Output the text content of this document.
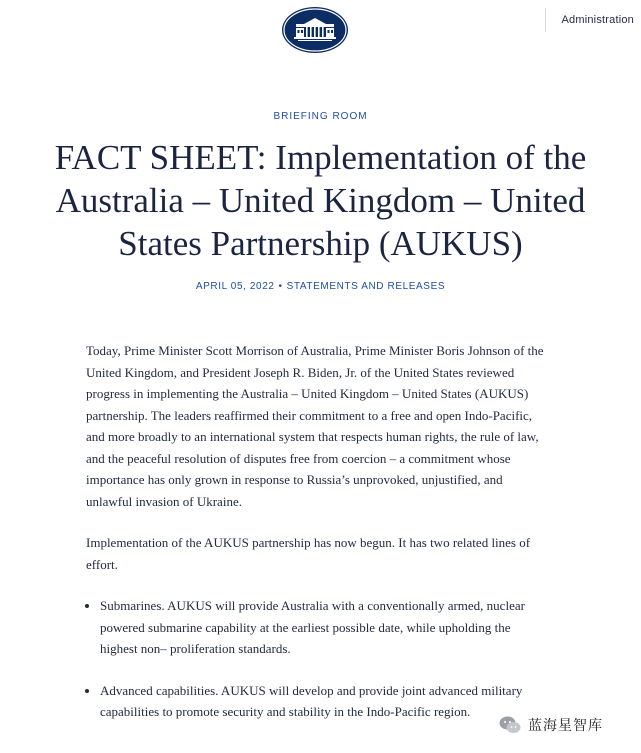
Administration
BRIEFING ROOM
FACT SHEET: Implementation of the Australia – United Kingdom – United States Partnership (AUKUS)
APRIL 05, 2022 • STATEMENTS AND RELEASES

Today, Prime Minister Scott Morrison of Australia, Prime Minister Boris Johnson of the United Kingdom, and President Joseph R. Biden, Jr. of the United States reviewed progress in implementing the Australia – United Kingdom – United States (AUKUS) partnership. The leaders reaffirmed their commitment to a free and open Indo-Pacific, and more broadly to an international system that respects human rights, the rule of law, and the peaceful resolution of disputes free from coercion – a commitment whose importance has only grown in response to Russia’s unprovoked, unjustified, and unlawful invasion of Ukraine.

Implementation of the AUKUS partnership has now begun. It has two related lines of effort.

• Submarines. AUKUS will provide Australia with a conventionally armed, nuclear powered submarine capability at the earliest possible date, while upholding the highest non– proliferation standards.
• Advanced capabilities. AUKUS will develop and provide joint advanced military capabilities to promote security and stability in the Indo-Pacific region.
蓝海星智库
